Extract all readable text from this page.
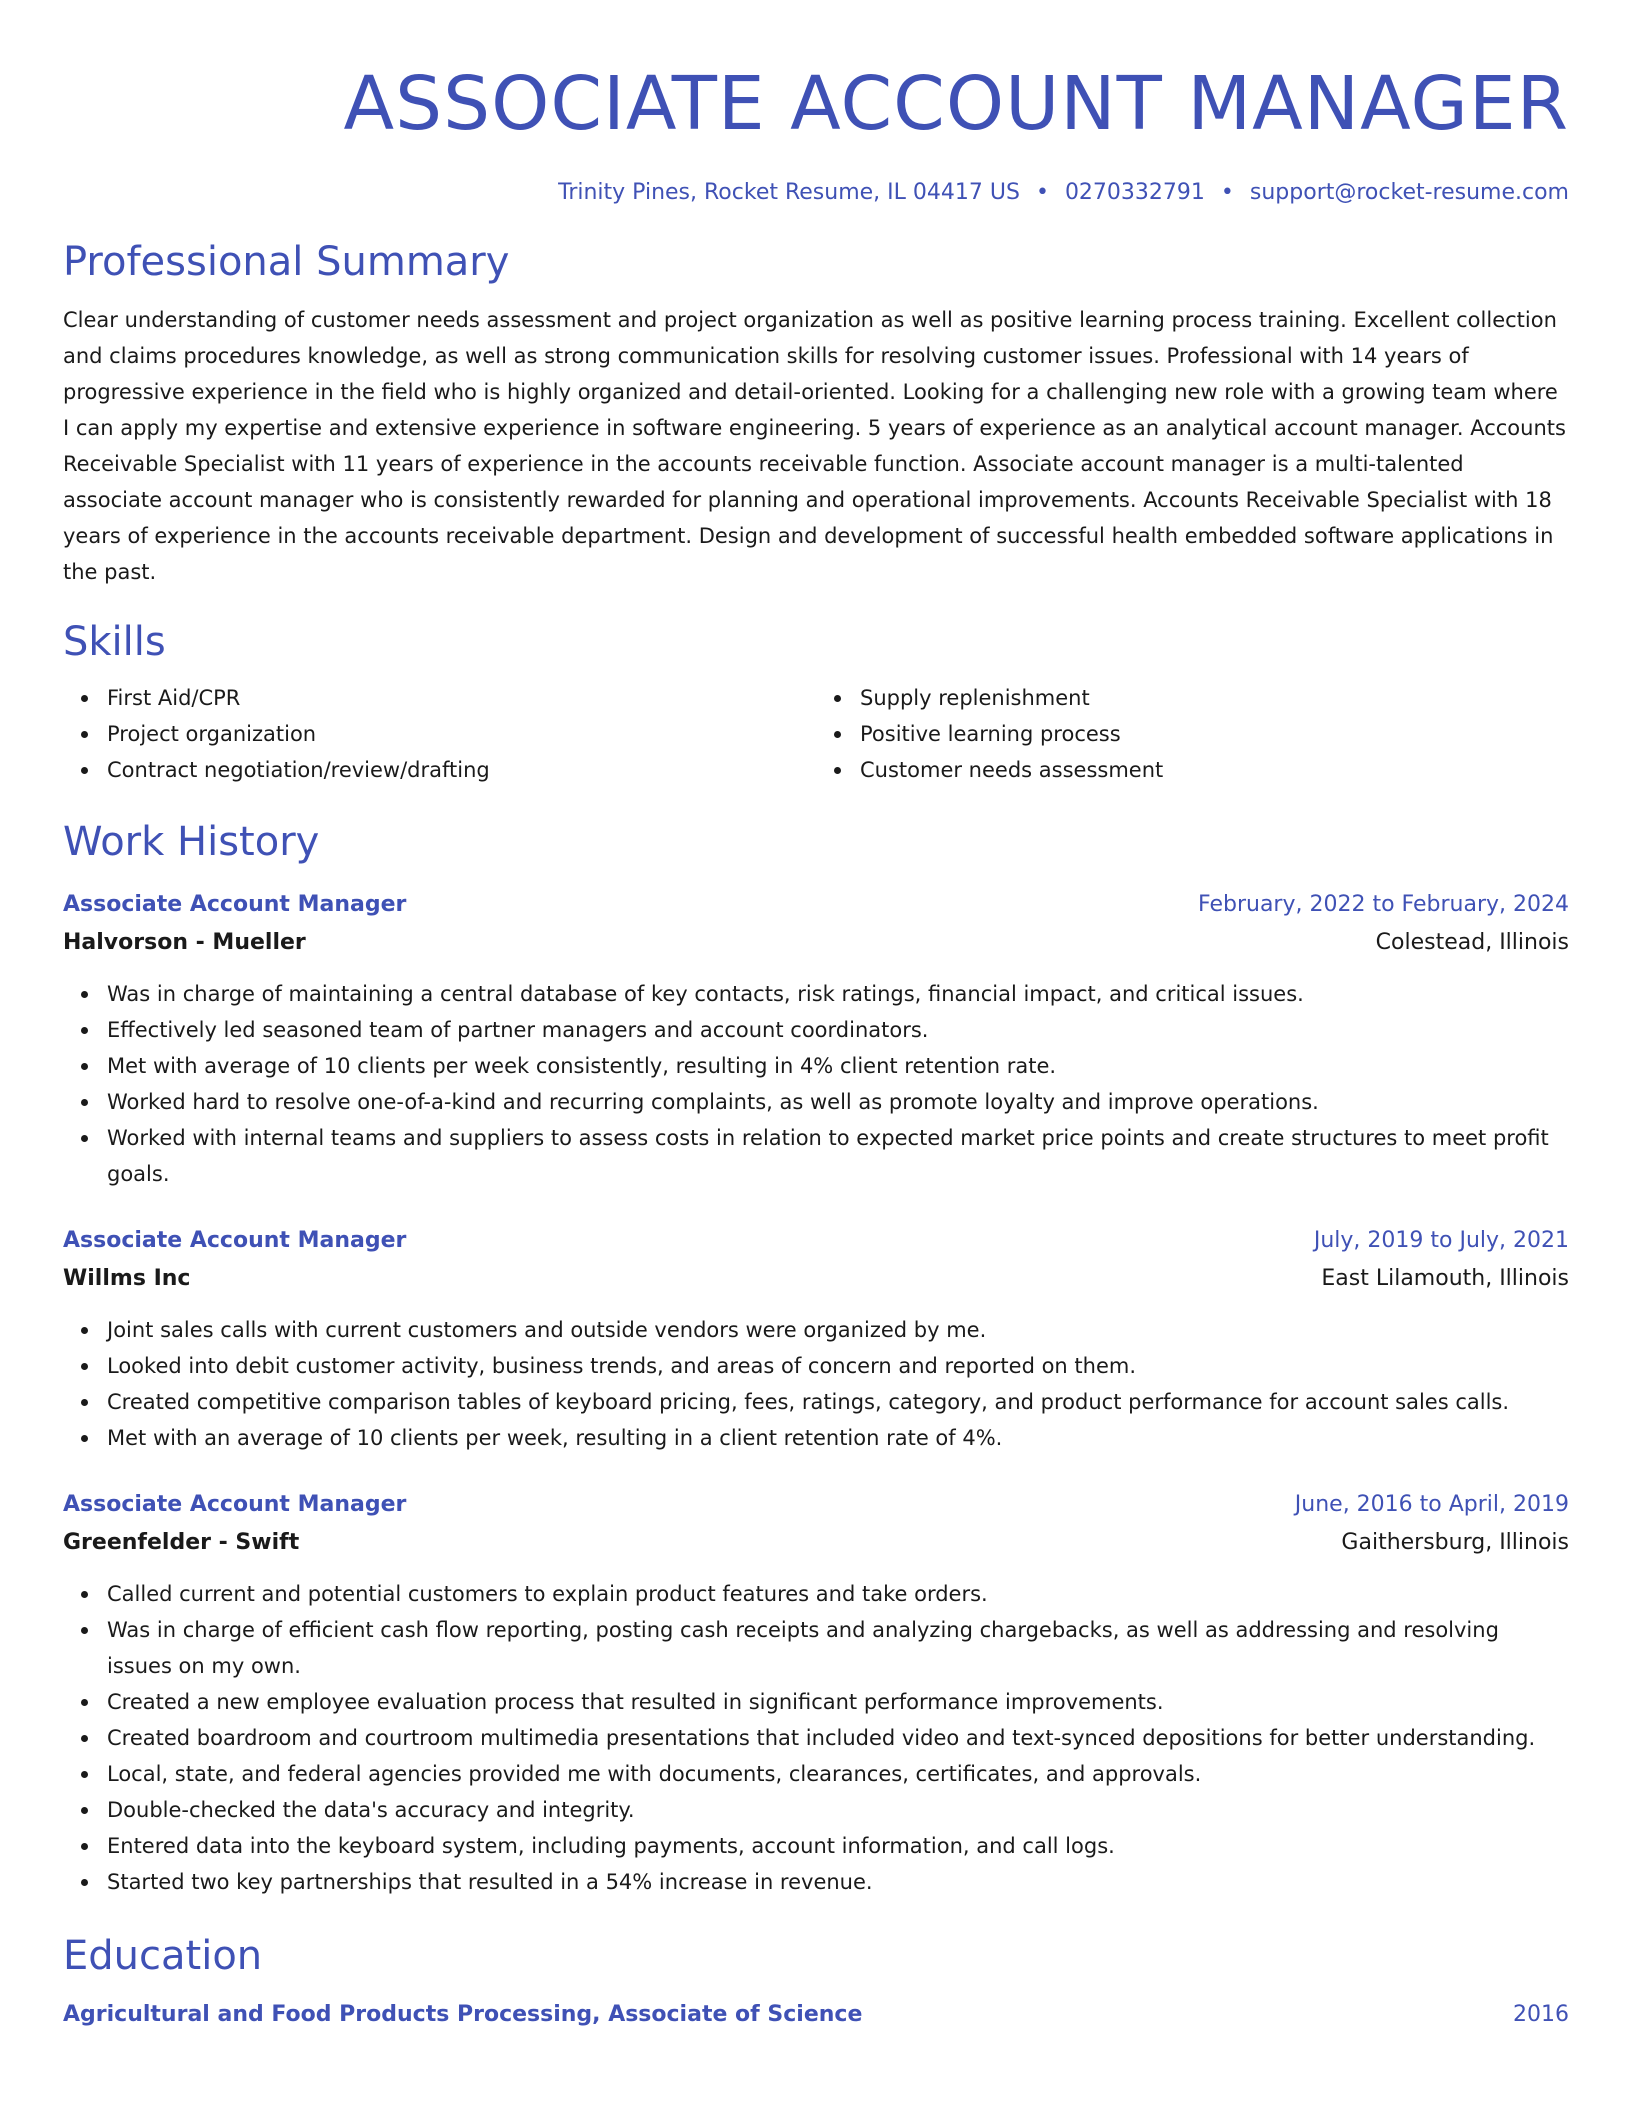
ASSOCIATE ACCOUNT MANAGER
Trinity Pines, Rocket Resume, IL 04417 US • 0270332791 • support@rocket-resume.com
Professional Summary
Clear understanding of customer needs assessment and project organization as well as positive learning process training. Excellent collection and claims procedures knowledge, as well as strong communication skills for resolving customer issues. Professional with 14 years of progressive experience in the field who is highly organized and detail-oriented. Looking for a challenging new role with a growing team where I can apply my expertise and extensive experience in software engineering. 5 years of experience as an analytical account manager. Accounts Receivable Specialist with 11 years of experience in the accounts receivable function. Associate account manager is a multi-talented associate account manager who is consistently rewarded for planning and operational improvements. Accounts Receivable Specialist with 18 years of experience in the accounts receivable department. Design and development of successful health embedded software applications in the past.
Skills
First Aid/CPR
Project organization
Contract negotiation/review/drafting
Supply replenishment
Positive learning process
Customer needs assessment
Work History
Associate Account Manager	February, 2022 to February, 2024
Halvorson - Mueller	Colestead, Illinois
Was in charge of maintaining a central database of key contacts, risk ratings, financial impact, and critical issues.
Effectively led seasoned team of partner managers and account coordinators.
Met with average of 10 clients per week consistently, resulting in 4% client retention rate.
Worked hard to resolve one-of-a-kind and recurring complaints, as well as promote loyalty and improve operations.
Worked with internal teams and suppliers to assess costs in relation to expected market price points and create structures to meet profit goals.
Associate Account Manager	July, 2019 to July, 2021
Willms Inc	East Lilamouth, Illinois
Joint sales calls with current customers and outside vendors were organized by me.
Looked into debit customer activity, business trends, and areas of concern and reported on them.
Created competitive comparison tables of keyboard pricing, fees, ratings, category, and product performance for account sales calls.
Met with an average of 10 clients per week, resulting in a client retention rate of 4%.
Associate Account Manager	June, 2016 to April, 2019
Greenfelder - Swift	Gaithersburg, Illinois
Called current and potential customers to explain product features and take orders.
Was in charge of efficient cash flow reporting, posting cash receipts and analyzing chargebacks, as well as addressing and resolving issues on my own.
Created a new employee evaluation process that resulted in significant performance improvements.
Created boardroom and courtroom multimedia presentations that included video and text-synced depositions for better understanding.
Local, state, and federal agencies provided me with documents, clearances, certificates, and approvals.
Double-checked the data's accuracy and integrity.
Entered data into the keyboard system, including payments, account information, and call logs.
Started two key partnerships that resulted in a 54% increase in revenue.
Education
Agricultural and Food Products Processing, Associate of Science	2016
